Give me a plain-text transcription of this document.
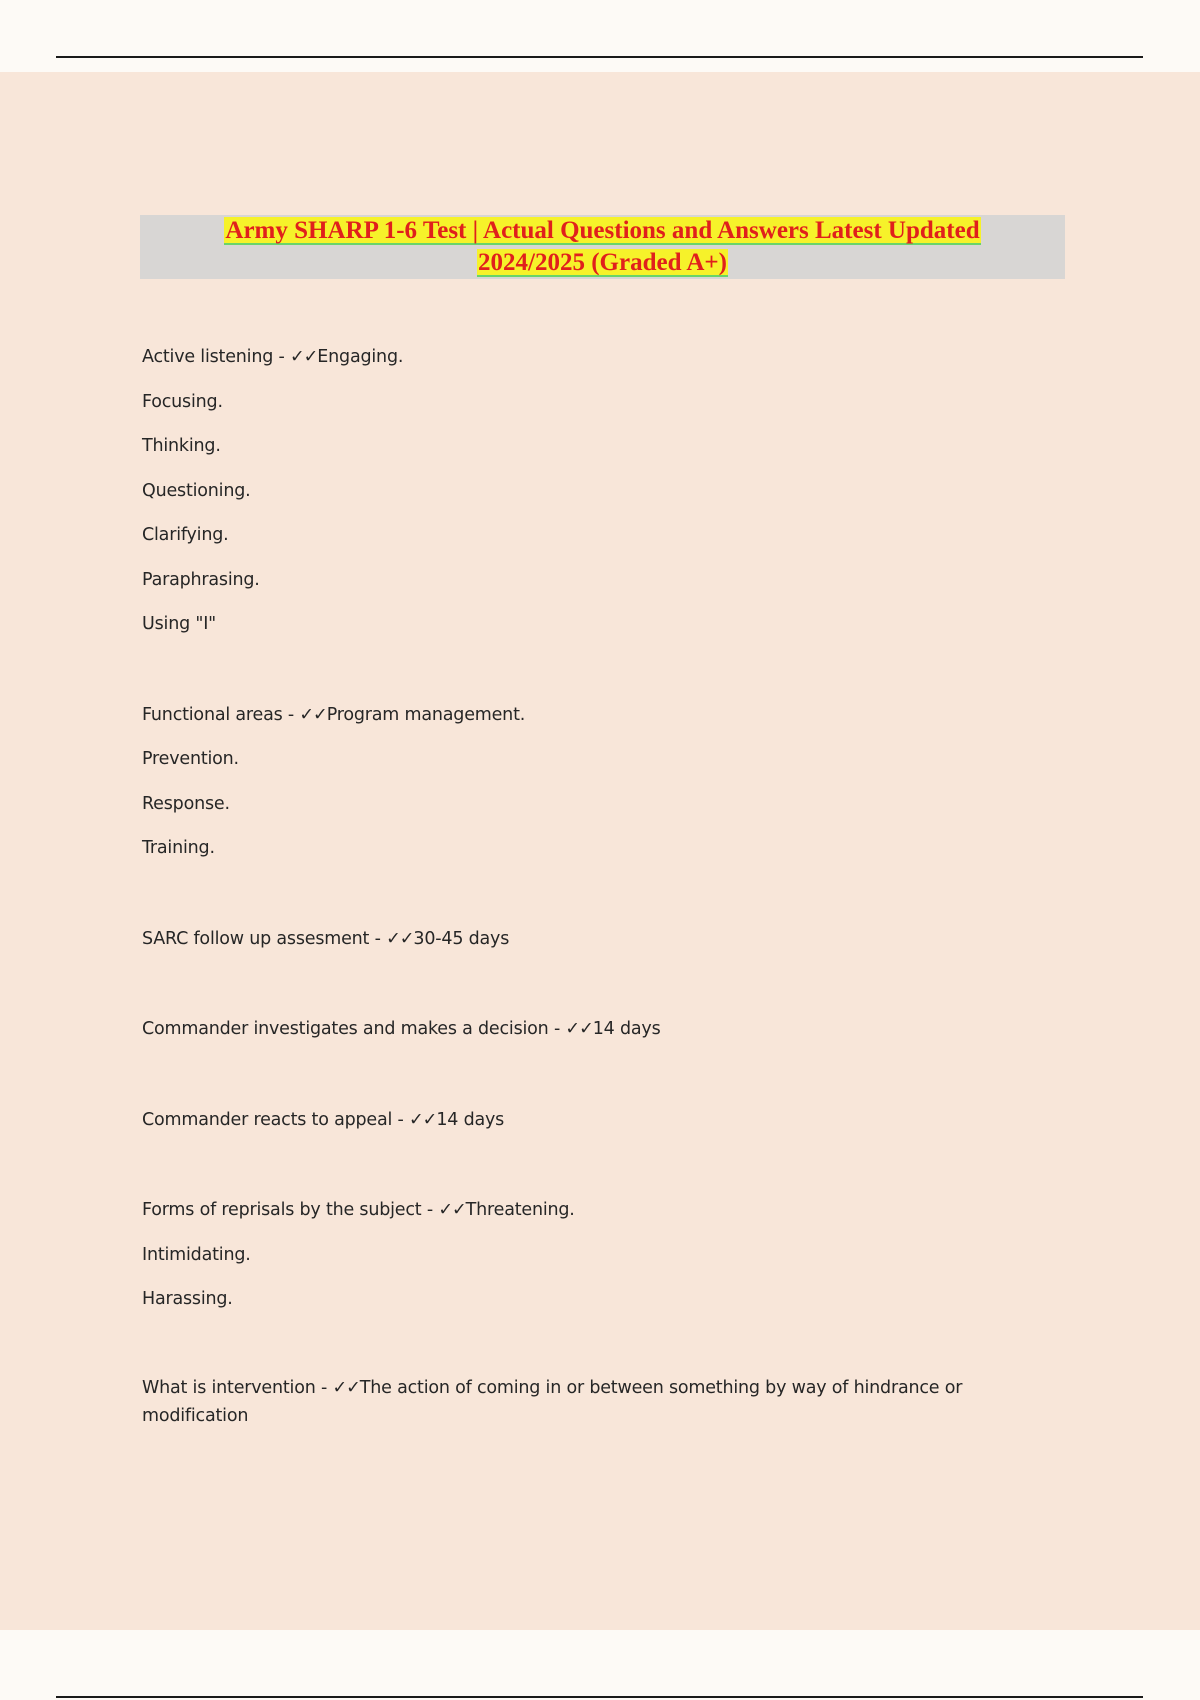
Army SHARP 1-6 Test | Actual Questions and Answers Latest Updated
2024/2025 (Graded A+)
Active listening - ✓✓Engaging.
Focusing.
Thinking.
Questioning.
Clarifying.
Paraphrasing.
Using "I"
Functional areas - ✓✓Program management.
Prevention.
Response.
Training.
SARC follow up assesment - ✓✓30-45 days
Commander investigates and makes a decision - ✓✓14 days
Commander reacts to appeal - ✓✓14 days
Forms of reprisals by the subject - ✓✓Threatening.
Intimidating.
Harassing.
What is intervention - ✓✓The action of coming in or between something by way of hindrance or modification
